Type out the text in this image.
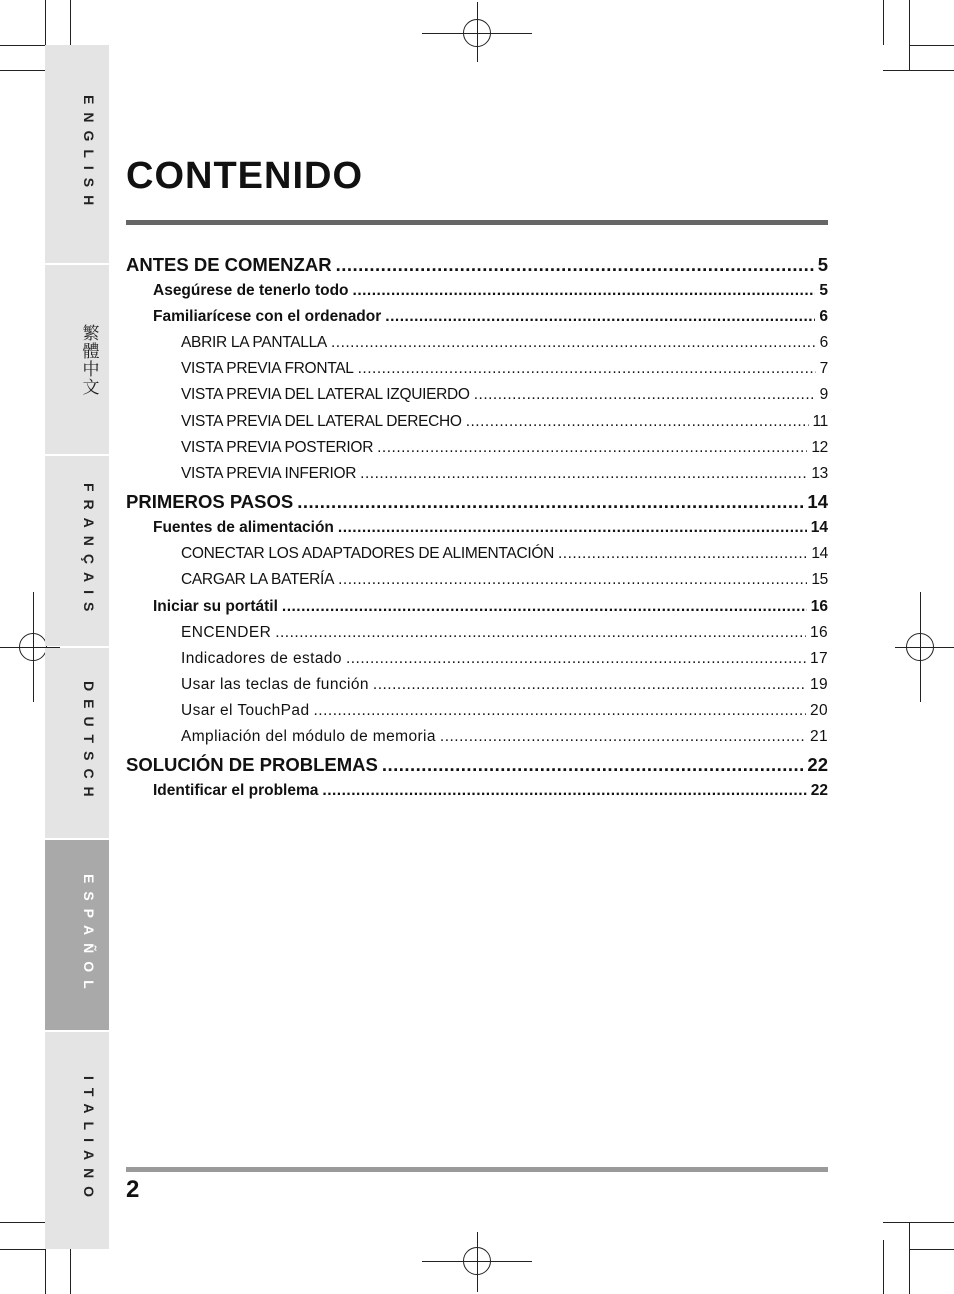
ENGLISH
繁體中文
FRANÇAIS
DEUTSCH
ESPAÑOL
ITALIANO
CONTENIDO
ANTES DE COMENZAR .....	5
Asegúrese de tenerlo todo .....	5
Familiarícese con el ordenador .....	6
ABRIR LA PANTALLA .....	6
VISTA PREVIA FRONTAL .....	7
VISTA PREVIA DEL LATERAL IZQUIERDO .....	9
VISTA PREVIA DEL LATERAL DERECHO .....	11
VISTA PREVIA POSTERIOR .....	12
VISTA PREVIA INFERIOR .....	13
PRIMEROS PASOS .....	14
Fuentes de alimentación .....	14
CONECTAR LOS ADAPTADORES DE ALIMENTACIÓN .....	14
CARGAR LA BATERÍA .....	15
Iniciar su portátil .....	16
ENCENDER .....	16
Indicadores de estado .....	17
Usar las teclas de función .....	19
Usar el TouchPad .....	20
Ampliación del módulo de memoria .....	21
SOLUCIÓN DE PROBLEMAS .....	22
Identificar el problema .....	22
2
